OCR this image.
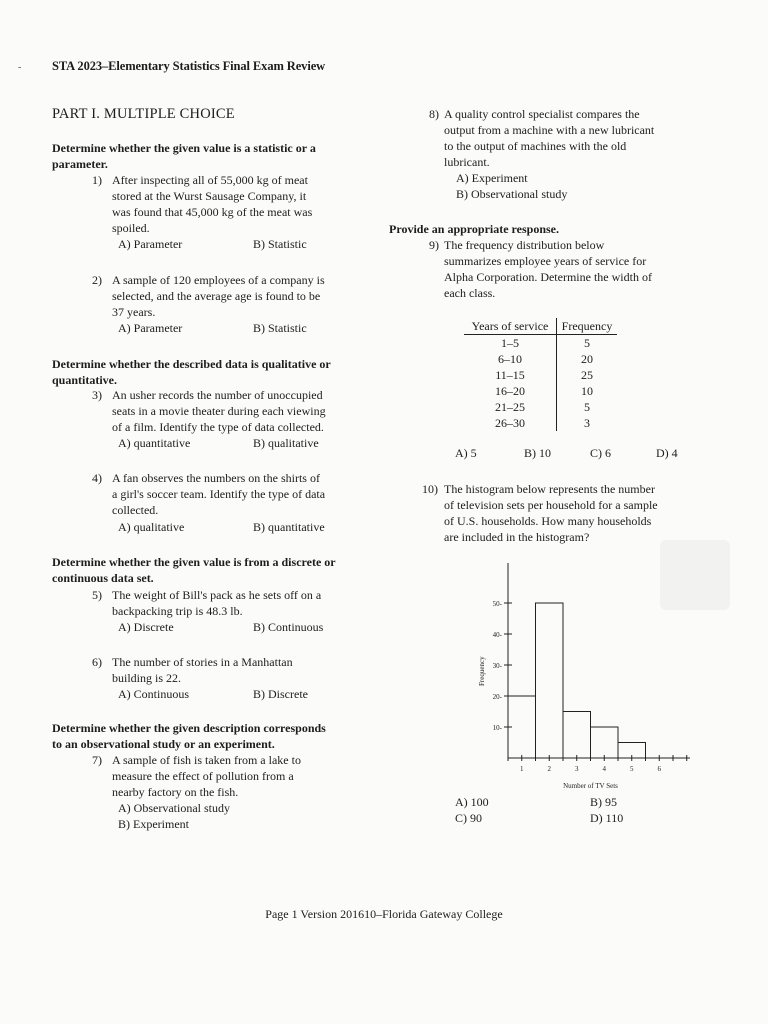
- STA 2023–Elementary Statistics Final Exam Review
PART I. MULTIPLE CHOICE
Determine whether the given value is a statistic or a
parameter.
1) After inspecting all of 55,000 kg of meat
stored at the Wurst Sausage Company, it
was found that 45,000 kg of the meat was
spoiled.
A) Parameter	B) Statistic
2) A sample of 120 employees of a company is
selected, and the average age is found to be
37 years.
A) Parameter	B) Statistic
Determine whether the described data is qualitative or
quantitative.
3) An usher records the number of unoccupied
seats in a movie theater during each viewing
of a film. Identify the type of data collected.
A) quantitative	B) qualitative
4) A fan observes the numbers on the shirts of
a girl's soccer team. Identify the type of data
collected.
A) qualitative	B) quantitative
Determine whether the given value is from a discrete or
continuous data set.
5) The weight of Bill's pack as he sets off on a
backpacking trip is 48.3 lb.
A) Discrete	B) Continuous
6) The number of stories in a Manhattan
building is 22.
A) Continuous	B) Discrete
Determine whether the given description corresponds
to an observational study or an experiment.
7) A sample of fish is taken from a lake to
measure the effect of pollution from a
nearby factory on the fish.
A) Observational study
B) Experiment
8) A quality control specialist compares the
output from a machine with a new lubricant
to the output of machines with the old
lubricant.
A) Experiment
B) Observational study
Provide an appropriate response.
9) The frequency distribution below
summarizes employee years of service for
Alpha Corporation. Determine the width of
each class.
Years of service	Frequency
1–5	5
6–10	20
11–15	25
16–20	10
21–25	5
26–30	3
A) 5	B) 10	C) 6	D) 4
10) The histogram below represents the number
of television sets per household for a sample
of U.S. households. How many households
are included in the histogram?
10-
20-
30-
40-
50-
1	2	3	4	5	6
Number of TV Sets
Frequency
A) 100	B) 95
C) 90	D) 110
Page 1 Version 201610–Florida Gateway College
